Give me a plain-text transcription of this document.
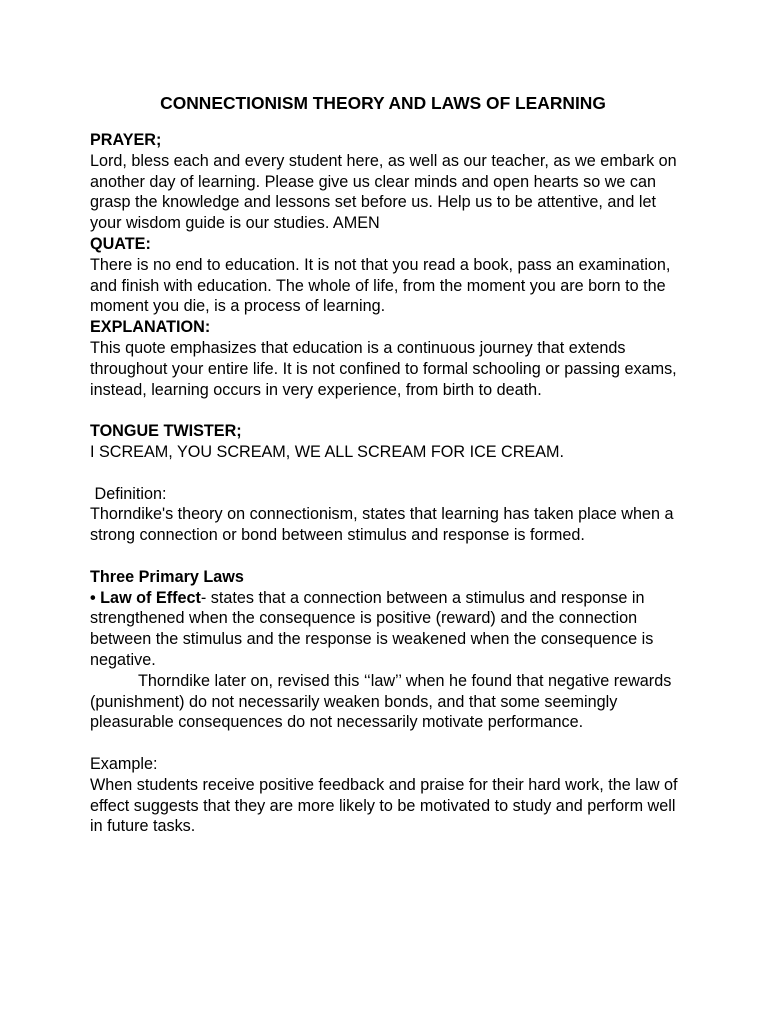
CONNECTIONISM THEORY AND LAWS OF LEARNING
PRAYER;
Lord, bless each and every student here, as well as our teacher, as we embark on another day of learning. Please give us clear minds and open hearts so we can grasp the knowledge and lessons set before us. Help us to be attentive, and let your wisdom guide is our studies. AMEN
QUATE:
There is no end to education. It is not that you read a book, pass an examination, and finish with education. The whole of life, from the moment you are born to the moment you die, is a process of learning.
EXPLANATION:
This quote emphasizes that education is a continuous journey that extends throughout your entire life. It is not confined to formal schooling or passing exams, instead, learning occurs in very experience, from birth to death.
TONGUE TWISTER;
I SCREAM, YOU SCREAM, WE ALL SCREAM FOR ICE CREAM.
Definition:
Thorndike's theory on connectionism, states that learning has taken place when a strong connection or bond between stimulus and response is formed.
Three Primary Laws
• Law of Effect- states that a connection between a stimulus and response in strengthened when the consequence is positive (reward) and the connection between the stimulus and the response is weakened when the consequence is negative.
Thorndike later on, revised this ‘‘law’’ when he found that negative rewards (punishment) do not necessarily weaken bonds, and that some seemingly pleasurable consequences do not necessarily motivate performance.
Example:
When students receive positive feedback and praise for their hard work, the law of effect suggests that they are more likely to be motivated to study and perform well in future tasks.
